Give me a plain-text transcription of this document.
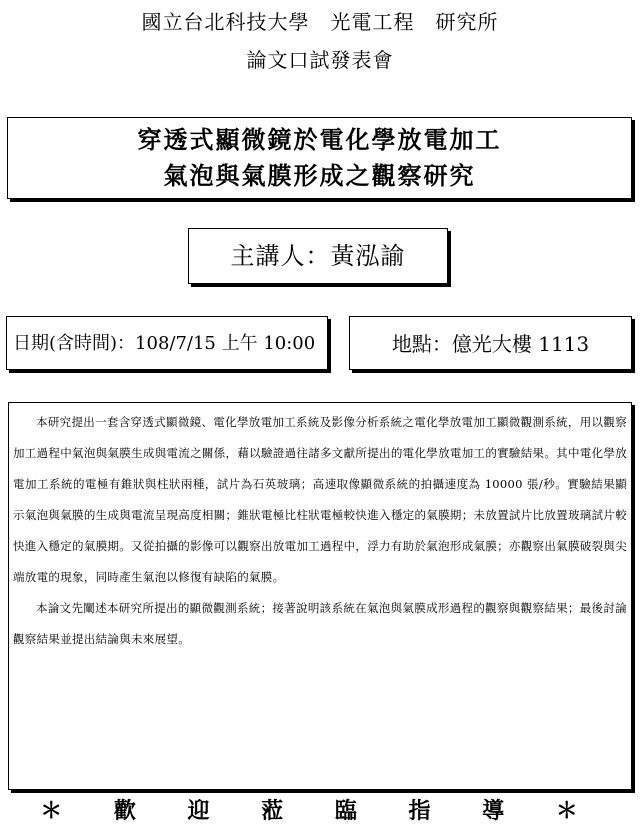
國立台北科技大學　光電工程　研究所
論文口試發表會
穿透式顯微鏡於電化學放電加工
氣泡與氣膜形成之觀察研究
主講人：黃泓諭
日期(含時間)：108/7/15 上午 10:00	地點：億光大樓 1113

本研究提出一套含穿透式顯微鏡、電化學放電加工系統及影像分析系統之電化學放電加工顯微觀測系統，用以觀察加工過程中氣泡與氣膜生成與電流之關係，藉以驗證過往諸多文獻所提出的電化學放電加工的實驗結果。其中電化學放電加工系統的電極有錐狀與柱狀兩種，試片為石英玻璃；高速取像顯微系統的拍攝速度為 10000 張/秒。實驗結果顯示氣泡與氣膜的生成與電流呈現高度相關；錐狀電極比柱狀電極較快進入穩定的氣膜期；未放置試片比放置玻璃試片較快進入穩定的氣膜期。又從拍攝的影像可以觀察出放電加工過程中，浮力有助於氣泡形成氣膜；亦觀察出氣膜破裂與尖端放電的現象，同時產生氣泡以修復有缺陷的氣膜。

本論文先闡述本研究所提出的顯微觀測系統；接著說明該系統在氣泡與氣膜成形過程的觀察與觀察結果；最後討論觀察結果並提出結論與未來展望。

＊ 歡 迎 蒞 臨 指 導 ＊
